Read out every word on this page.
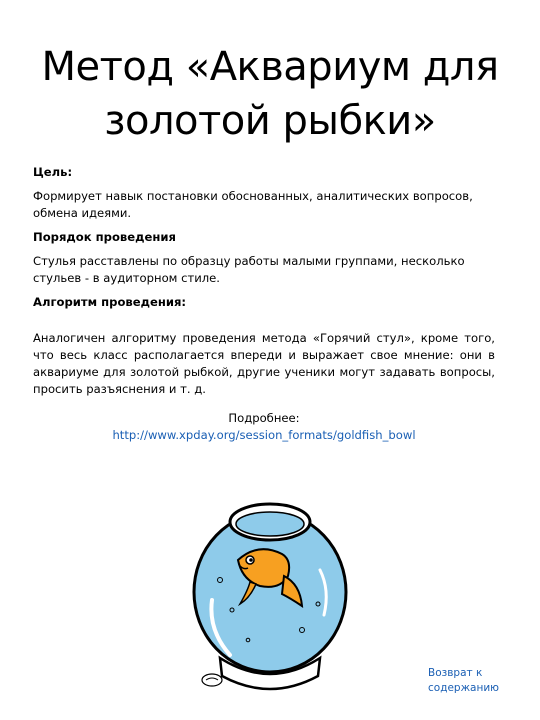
Метод «Аквариум для золотой рыбки»
Цель:

Формирует навык постановки обоснованных, аналитических вопросов, обмена идеями.

Порядок проведения

Стулья расставлены по образцу работы малыми группами, несколько стульев - в аудиторном стиле.

Алгоритм проведения:

Аналогичен алгоритму проведения метода «Горячий стул», кроме того, что весь класс располагается впереди и выражает свое мнение: они в аквариуме для золотой рыбкой, другие ученики могут задавать вопросы, просить разъяснения и т. д.

Подробнее:
http://www.xpday.org/session_formats/goldfish_bowl
Возврат к содержанию
